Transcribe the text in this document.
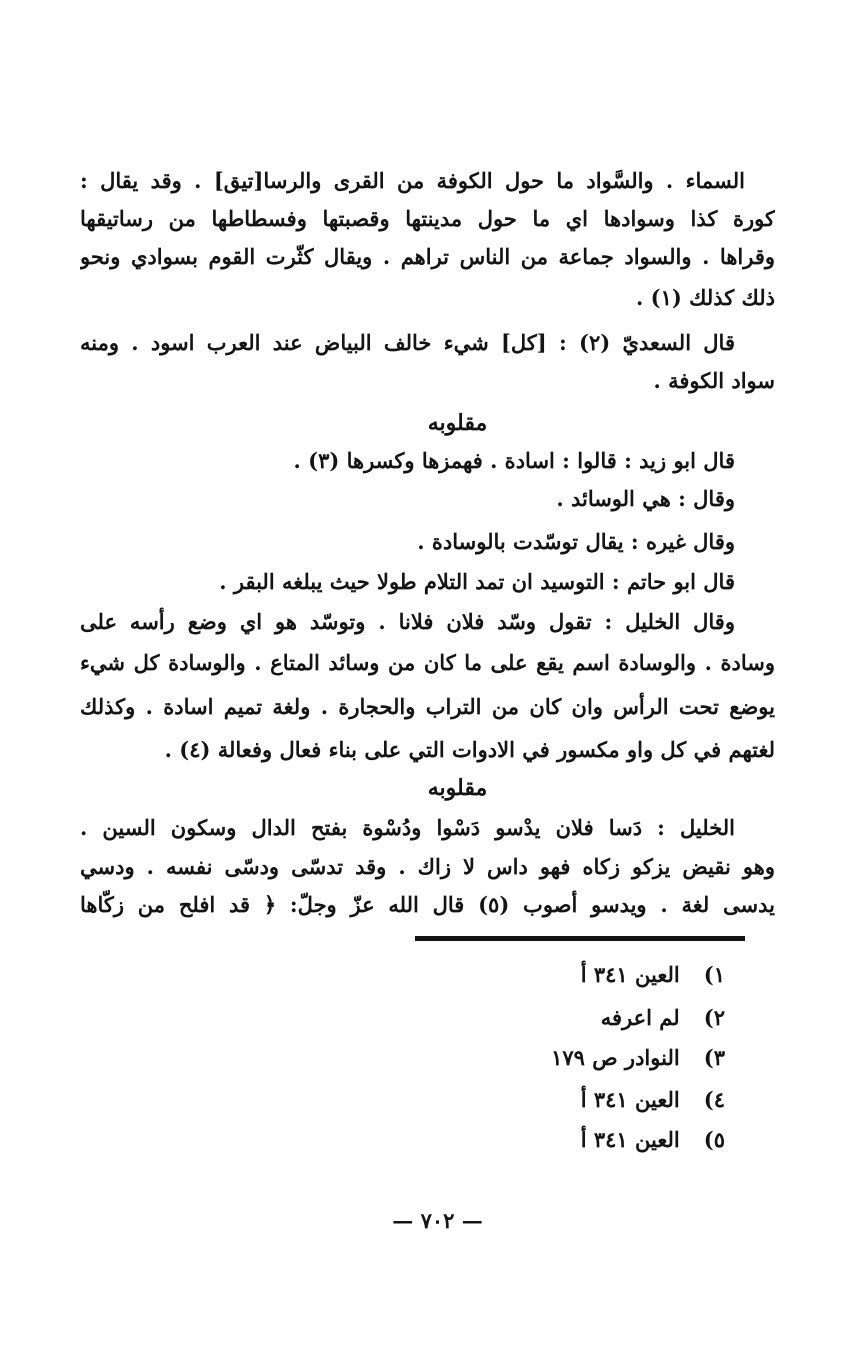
السماء . والسَّواد ما حول الكوفة من القرى والرسا[تيق] . وقد يقال :
كورة كذا وسوادها اي ما حول مدينتها وقصبتها وفسطاطها من رساتيقها
وقراها . والسواد جماعة من الناس تراهم . ويقال كثّرت القوم بسوادي ونحو
ذلك كذلك (١) .
قال السعديّ (٢) : [كل] شيء خالف البياض عند العرب اسود . ومنه
سواد الكوفة .
مقلوبه
قال ابو زيد : قالوا : اسادة . فهمزها وكسرها (٣) .
وقال : هي الوسائد .
وقال غيره : يقال توسّدت بالوسادة .
قال ابو حاتم : التوسيد ان تمد التلام طولا حيث يبلغه البقر .
وقال الخليل : تقول وسّد فلان فلانا . وتوسّد هو اي وضع رأسه على
وسادة . والوسادة اسم يقع على ما كان من وسائد المتاع . والوسادة كل شيء
يوضع تحت الرأس وان كان من التراب والحجارة . ولغة تميم اسادة . وكذلك
لغتهم في كل واو مكسور في الادوات التي على بناء فعال وفعالة (٤) .
مقلوبه
الخليل : دَسا فلان يدْسو دَسْوا ودُسْوة بفتح الدال وسكون السين .
وهو نقيض يزكو زكاه فهو داس لا زاك . وقد تدسّى ودسّى نفسه . ودسي
يدسى لغة . ويدسو أصوب (٥) قال الله عزّ وجلّ: ﴿ قد افلح من زكّاها
١) العين ٣٤١ أ
٢) لم اعرفه
٣) النوادر ص ١٧٩
٤) العين ٣٤١ أ
٥) العين ٣٤١ أ
— ٧٠٢ —
